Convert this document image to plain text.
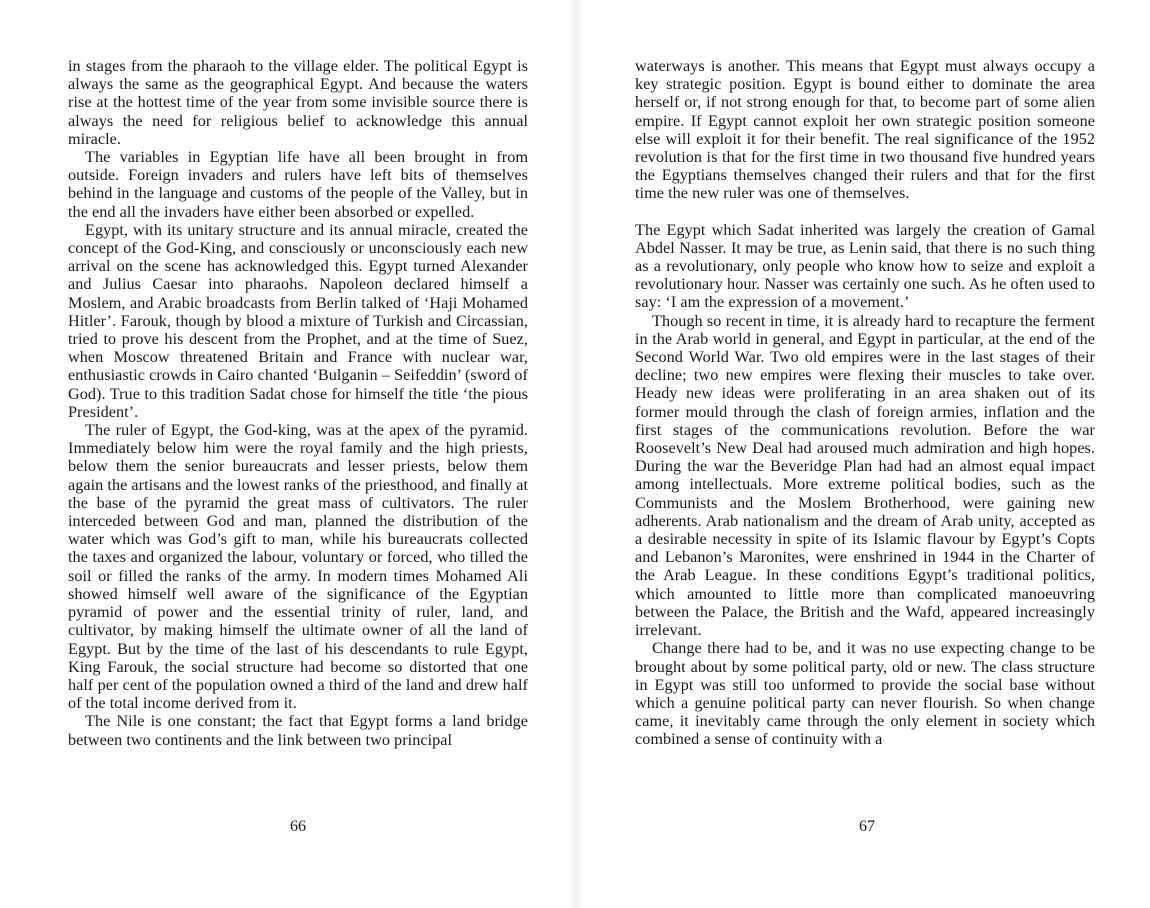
in stages from the pharaoh to the village elder. The political Egypt is always the same as the geographical Egypt. And because the waters rise at the hottest time of the year from some invisible source there is always the need for religious belief to acknowledge this annual miracle.

The variables in Egyptian life have all been brought in from outside. Foreign invaders and rulers have left bits of themselves behind in the language and customs of the people of the Valley, but in the end all the invaders have either been absorbed or expelled.

Egypt, with its unitary structure and its annual miracle, created the concept of the God-King, and consciously or unconsciously each new arrival on the scene has acknowledged this. Egypt turned Alexander and Julius Caesar into pharaohs. Napoleon declared himself a Moslem, and Arabic broadcasts from Berlin talked of ‘Haji Mohamed Hitler’. Farouk, though by blood a mixture of Turkish and Circassian, tried to prove his descent from the Prophet, and at the time of Suez, when Moscow threatened Britain and France with nuclear war, enthusiastic crowds in Cairo chanted ‘Bulganin – Seifeddin’ (sword of God). True to this tradition Sadat chose for himself the title ‘the pious President’.

The ruler of Egypt, the God-king, was at the apex of the pyramid. Immediately below him were the royal family and the high priests, below them the senior bureaucrats and lesser priests, below them again the artisans and the lowest ranks of the priesthood, and finally at the base of the pyramid the great mass of cultivators. The ruler interceded between God and man, planned the distribution of the water which was God’s gift to man, while his bureaucrats collected the taxes and organized the labour, voluntary or forced, who tilled the soil or filled the ranks of the army. In modern times Mohamed Ali showed himself well aware of the significance of the Egyptian pyramid of power and the essential trinity of ruler, land, and cultivator, by making himself the ultimate owner of all the land of Egypt. But by the time of the last of his descendants to rule Egypt, King Farouk, the social structure had become so distorted that one half per cent of the population owned a third of the land and drew half of the total income derived from it.

The Nile is one constant; the fact that Egypt forms a land bridge between two continents and the link between two principal

66

waterways is another. This means that Egypt must always occupy a key strategic position. Egypt is bound either to dominate the area herself or, if not strong enough for that, to become part of some alien empire. If Egypt cannot exploit her own strategic position someone else will exploit it for their benefit. The real significance of the 1952 revolution is that for the first time in two thousand five hundred years the Egyptians themselves changed their rulers and that for the first time the new ruler was one of themselves.

The Egypt which Sadat inherited was largely the creation of Gamal Abdel Nasser. It may be true, as Lenin said, that there is no such thing as a revolutionary, only people who know how to seize and exploit a revolutionary hour. Nasser was certainly one such. As he often used to say: ‘I am the expression of a movement.’

Though so recent in time, it is already hard to recapture the ferment in the Arab world in general, and Egypt in particular, at the end of the Second World War. Two old empires were in the last stages of their decline; two new empires were flexing their muscles to take over. Heady new ideas were proliferating in an area shaken out of its former mould through the clash of foreign armies, inflation and the first stages of the communications revolution. Before the war Roosevelt’s New Deal had aroused much admiration and high hopes. During the war the Beveridge Plan had had an almost equal impact among intellectuals. More extreme political bodies, such as the Communists and the Moslem Brotherhood, were gaining new adherents. Arab nationalism and the dream of Arab unity, accepted as a desirable necessity in spite of its Islamic flavour by Egypt’s Copts and Lebanon’s Maronites, were enshrined in 1944 in the Charter of the Arab League. In these conditions Egypt’s traditional politics, which amounted to little more than complicated manoeuvring between the Palace, the British and the Wafd, appeared increasingly irrelevant.

Change there had to be, and it was no use expecting change to be brought about by some political party, old or new. The class structure in Egypt was still too unformed to provide the social base without which a genuine political party can never flourish. So when change came, it inevitably came through the only element in society which combined a sense of continuity with a

67
